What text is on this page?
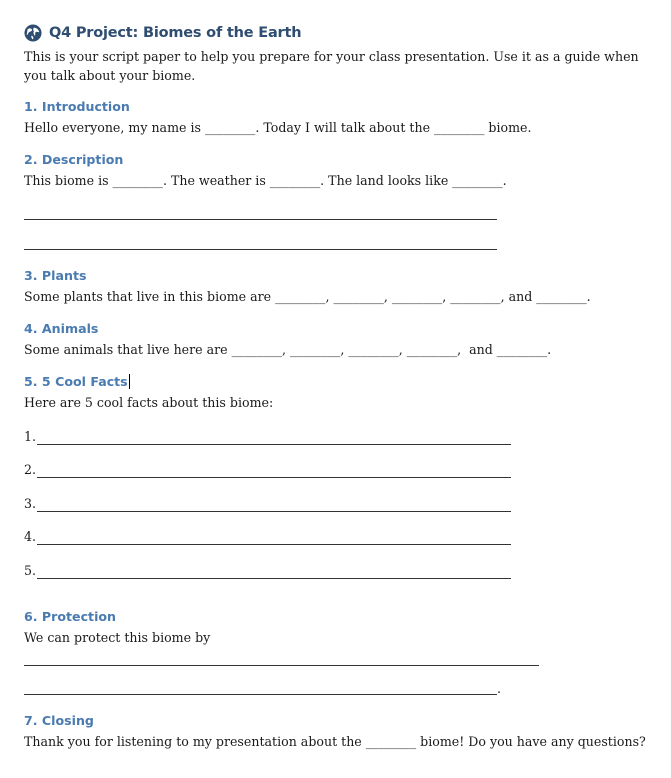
Q4 Project: Biomes of the Earth
This is your script paper to help you prepare for your class presentation. Use it as a guide when you talk about your biome.
1. Introduction
Hello everyone, my name is ________. Today I will talk about the ________ biome.
2. Description
This biome is ________. The weather is ________. The land looks like ________.
3. Plants
Some plants that live in this biome are ________, ________, ________, ________, and ________.
4. Animals
Some animals that live here are ________, ________, ________, ________,  and ________.
5. 5 Cool Facts
Here are 5 cool facts about this biome:
1.
2.
3.
4.
5.
6. Protection
We can protect this biome by
.
7. Closing
Thank you for listening to my presentation about the ________ biome! Do you have any questions?
